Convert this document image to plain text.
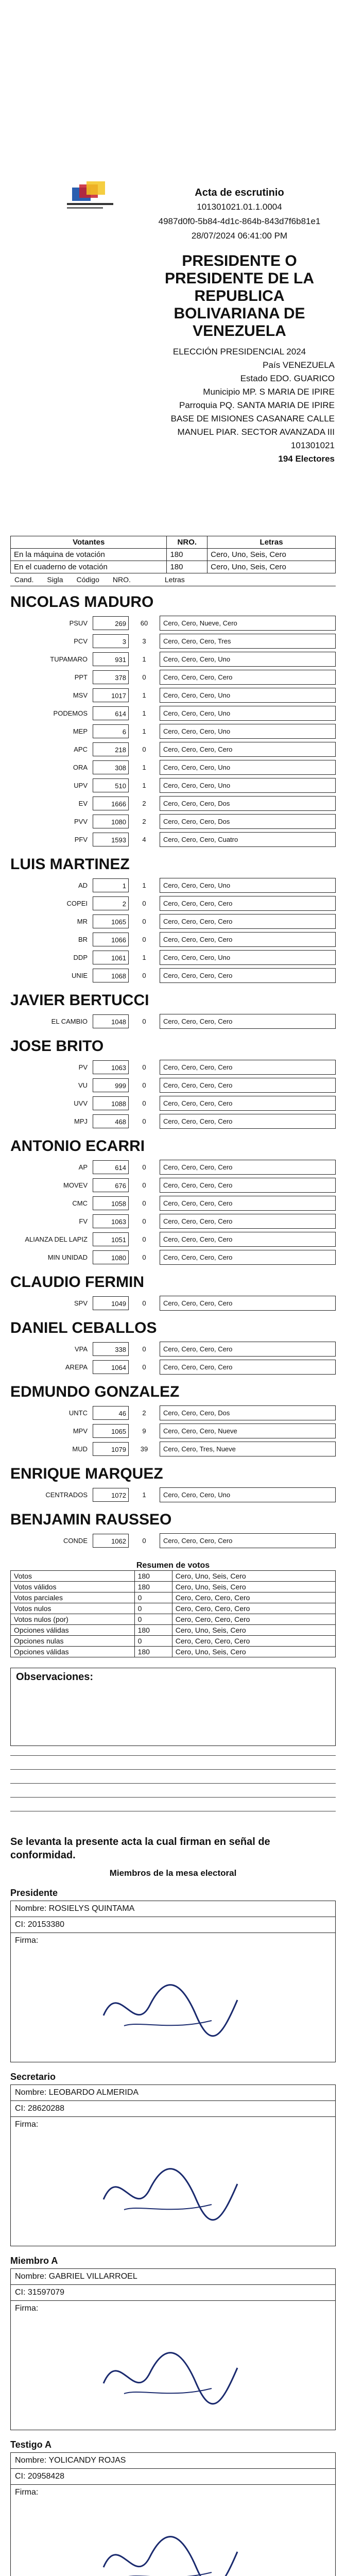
Acta de escrutinio
101301021.01.1.0004
4987d0f0-5b84-4d1c-864b-843d7f6b81e1
28/07/2024 06:41:00 PM
PRESIDENTE O PRESIDENTE DE LA REPUBLICA BOLIVARIANA DE VENEZUELA
ELECCIÓN PRESIDENCIAL 2024
País VENEZUELA
Estado EDO. GUARICO
Municipio MP. S MARIA DE IPIRE
Parroquia PQ. SANTA MARIA DE IPIRE
BASE DE MISIONES CASANARE CALLE MANUEL PIAR. SECTOR AVANZADA III
101301021
194 Electores
Votantes	NRO.	Letras
En la máquina de votación	180	Cero, Uno, Seis, Cero
En el cuaderno de votación	180	Cero, Uno, Seis, Cero
Cand. Sigla Código NRO.	Letras
NICOLAS MADURO
PSUV	269	60	Cero, Cero, Nueve, Cero
PCV	3	3	Cero, Cero, Cero, Tres
TUPAMARO	931	1	Cero, Cero, Cero, Uno
PPT	378	0	Cero, Cero, Cero, Cero
MSV	1017	1	Cero, Cero, Cero, Uno
PODEMOS	614	1	Cero, Cero, Cero, Uno
MEP	6	1	Cero, Cero, Cero, Uno
APC	218	0	Cero, Cero, Cero, Cero
ORA	308	1	Cero, Cero, Cero, Uno
UPV	510	1	Cero, Cero, Cero, Uno
EV	1666	2	Cero, Cero, Cero, Dos
PVV	1080	2	Cero, Cero, Cero, Dos
PFV	1593	4	Cero, Cero, Cero, Cuatro
LUIS MARTINEZ
AD	1	1	Cero, Cero, Cero, Uno
COPEI	2	0	Cero, Cero, Cero, Cero
MR	1065	0	Cero, Cero, Cero, Cero
BR	1066	0	Cero, Cero, Cero, Cero
DDP	1061	1	Cero, Cero, Cero, Uno
UNIE	1068	0	Cero, Cero, Cero, Cero
JAVIER BERTUCCI
EL CAMBIO	1048	0	Cero, Cero, Cero, Cero
JOSE BRITO
PV	1063	0	Cero, Cero, Cero, Cero
VU	999	0	Cero, Cero, Cero, Cero
UVV	1088	0	Cero, Cero, Cero, Cero
MPJ	468	0	Cero, Cero, Cero, Cero
ANTONIO ECARRI
AP	614	0	Cero, Cero, Cero, Cero
MOVEV	676	0	Cero, Cero, Cero, Cero
CMC	1058	0	Cero, Cero, Cero, Cero
FV	1063	0	Cero, Cero, Cero, Cero
ALIANZA DEL LAPIZ	1051	0	Cero, Cero, Cero, Cero
MIN UNIDAD	1080	0	Cero, Cero, Cero, Cero
CLAUDIO FERMIN
SPV	1049	0	Cero, Cero, Cero, Cero
DANIEL CEBALLOS
VPA	338	0	Cero, Cero, Cero, Cero
AREPA	1064	0	Cero, Cero, Cero, Cero
EDMUNDO GONZALEZ
UNTC	46	2	Cero, Cero, Cero, Dos
MPV	1065	9	Cero, Cero, Cero, Nueve
MUD	1079	39	Cero, Cero, Tres, Nueve
ENRIQUE MARQUEZ
CENTRADOS	1072	1	Cero, Cero, Cero, Uno
BENJAMIN RAUSSEO
CONDE	1062	0	Cero, Cero, Cero, Cero
Resumen de votos
Votos	180	Cero, Uno, Seis, Cero
Votos válidos	180	Cero, Uno, Seis, Cero
Votos parciales	0	Cero, Cero, Cero, Cero
Votos nulos	0	Cero, Cero, Cero, Cero
Votos nulos (por)	0	Cero, Cero, Cero, Cero
Opciones válidas	180	Cero, Uno, Seis, Cero
Opciones nulas	0	Cero, Cero, Cero, Cero
Opciones válidas	180	Cero, Uno, Seis, Cero
Observaciones:
Se levanta la presente acta la cual firman en señal de conformidad.
Miembros de la mesa electoral
Presidente
Nombre: ROSIELYS QUINTAMA
CI: 20153380
Firma:
Secretario
Nombre: LEOBARDO ALMERIDA
CI: 28620288
Firma:
Miembro A
Nombre: GABRIEL VILLARROEL
CI: 31597079
Firma:
Testigo A
Nombre: YOLICANDY ROJAS
CI: 20958428
Firma:
